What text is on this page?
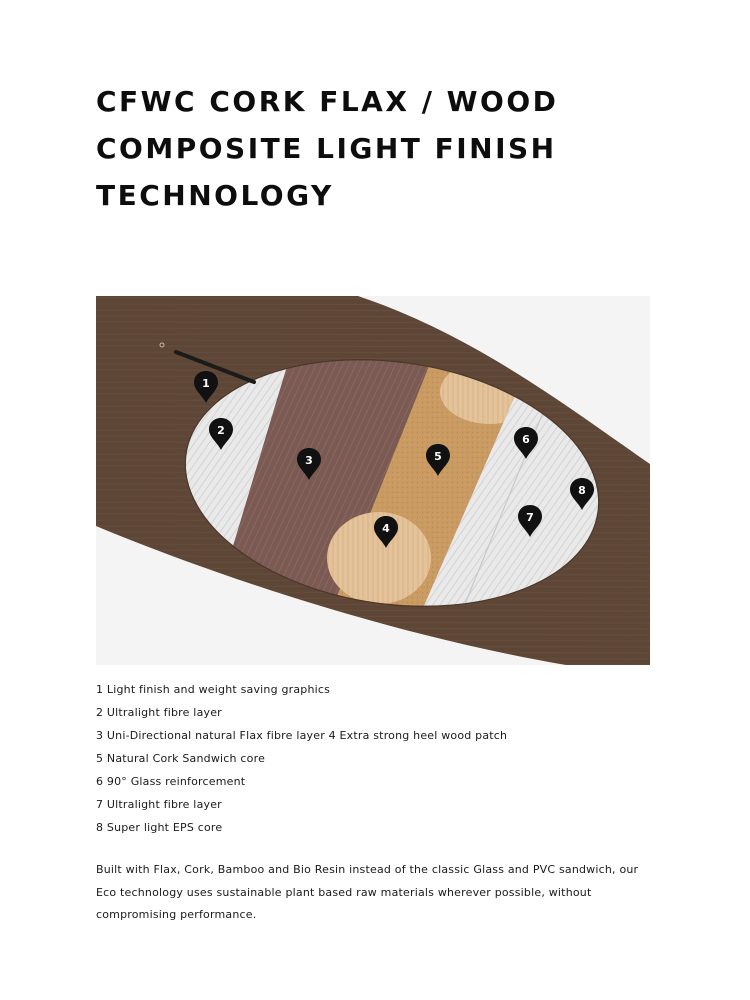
CFWC CORK FLAX / WOOD
COMPOSITE LIGHT FINISH
TECHNOLOGY
1
2
3
4
5
6
7
8
1 Light finish and weight saving graphics
2 Ultralight fibre layer
3 Uni-Directional natural Flax fibre layer 4 Extra strong heel wood patch
5 Natural Cork Sandwich core
6 90° Glass reinforcement
7 Ultralight fibre layer
8 Super light EPS core

Built with Flax, Cork, Bamboo and Bio Resin instead of the classic Glass and PVC sandwich, our Eco technology uses sustainable plant based raw materials wherever possible, without compromising performance.
